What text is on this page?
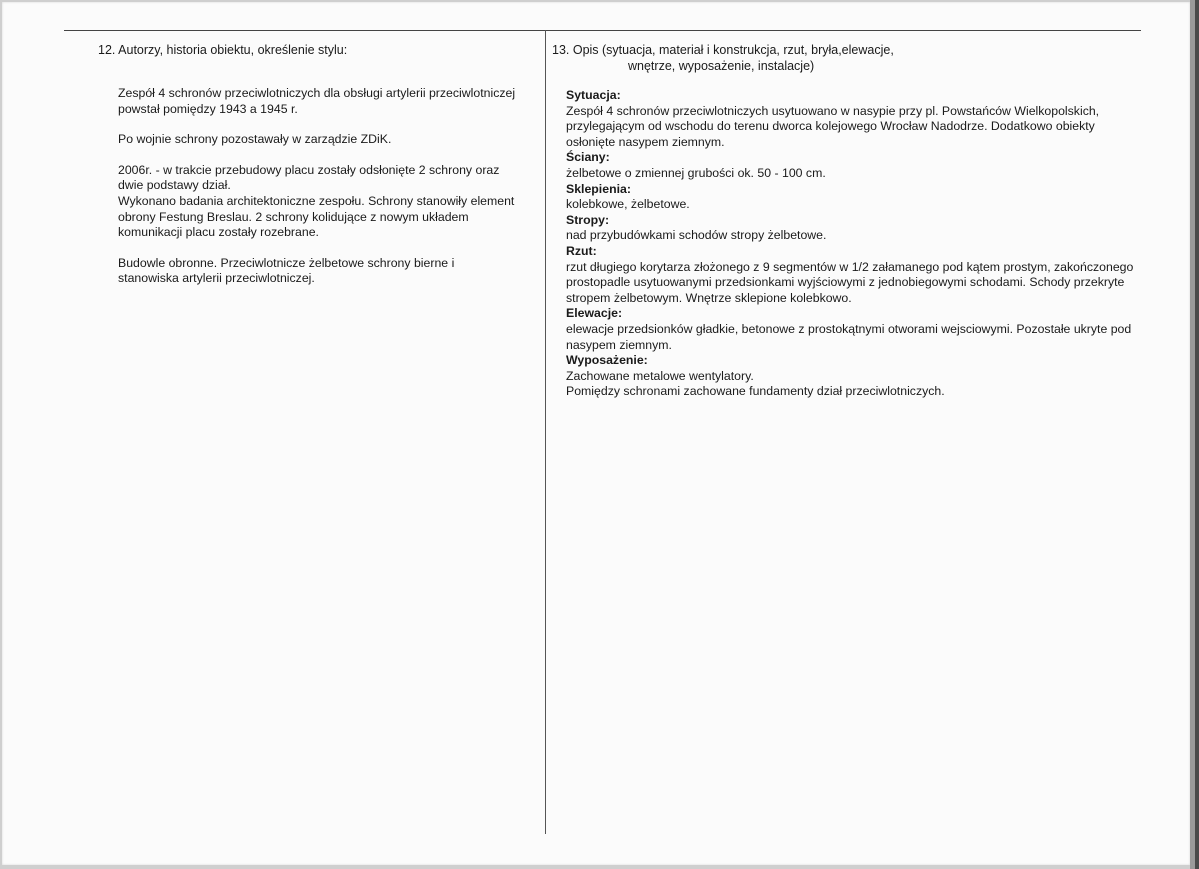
12. Autorzy, historia obiektu, określenie stylu:

Zespół 4 schronów przeciwlotniczych dla obsługi artylerii przeciwlotniczej powstał pomiędzy 1943 a 1945 r.

Po wojnie schrony pozostawały w zarządzie ZDiK.

2006r. - w trakcie przebudowy placu zostały odsłonięte 2 schrony oraz dwie podstawy dział.

Wykonano badania architektoniczne zespołu. Schrony stanowiły element obrony Festung Breslau. 2 schrony kolidujące z nowym układem komunikacji placu zostały rozebrane.

Budowle obronne. Przeciwlotnicze żelbetowe schrony bierne i stanowiska artylerii przeciwlotniczej.

13. Opis (sytuacja, materiał i konstrukcja, rzut, bryła,elewacje,
wnętrze, wyposażenie, instalacje)

Sytuacja:

Zespół 4 schronów przeciwlotniczych usytuowano w nasypie przy pl. Powstańców Wielkopolskich, przylegającym od wschodu do terenu dworca kolejowego Wrocław Nadodrze. Dodatkowo obiekty osłonięte nasypem ziemnym.

Ściany:

żelbetowe o zmiennej grubości ok. 50 - 100 cm.

Sklepienia:

kolebkowe, żelbetowe.

Stropy:

nad przybudówkami schodów stropy żelbetowe.

Rzut:

rzut długiego korytarza złożonego z 9 segmentów w 1/2 załamanego pod kątem prostym, zakończonego prostopadle usytuowanymi przedsionkami wyjściowymi z jednobiegowymi schodami. Schody przekryte stropem żelbetowym. Wnętrze sklepione kolebkowo.

Elewacje:

elewacje przedsionków gładkie, betonowe z prostokątnymi otworami wejsciowymi. Pozostałe ukryte pod nasypem ziemnym.

Wyposażenie:

Zachowane metalowe wentylatory.

Pomiędzy schronami zachowane fundamenty dział przeciwlotniczych.
